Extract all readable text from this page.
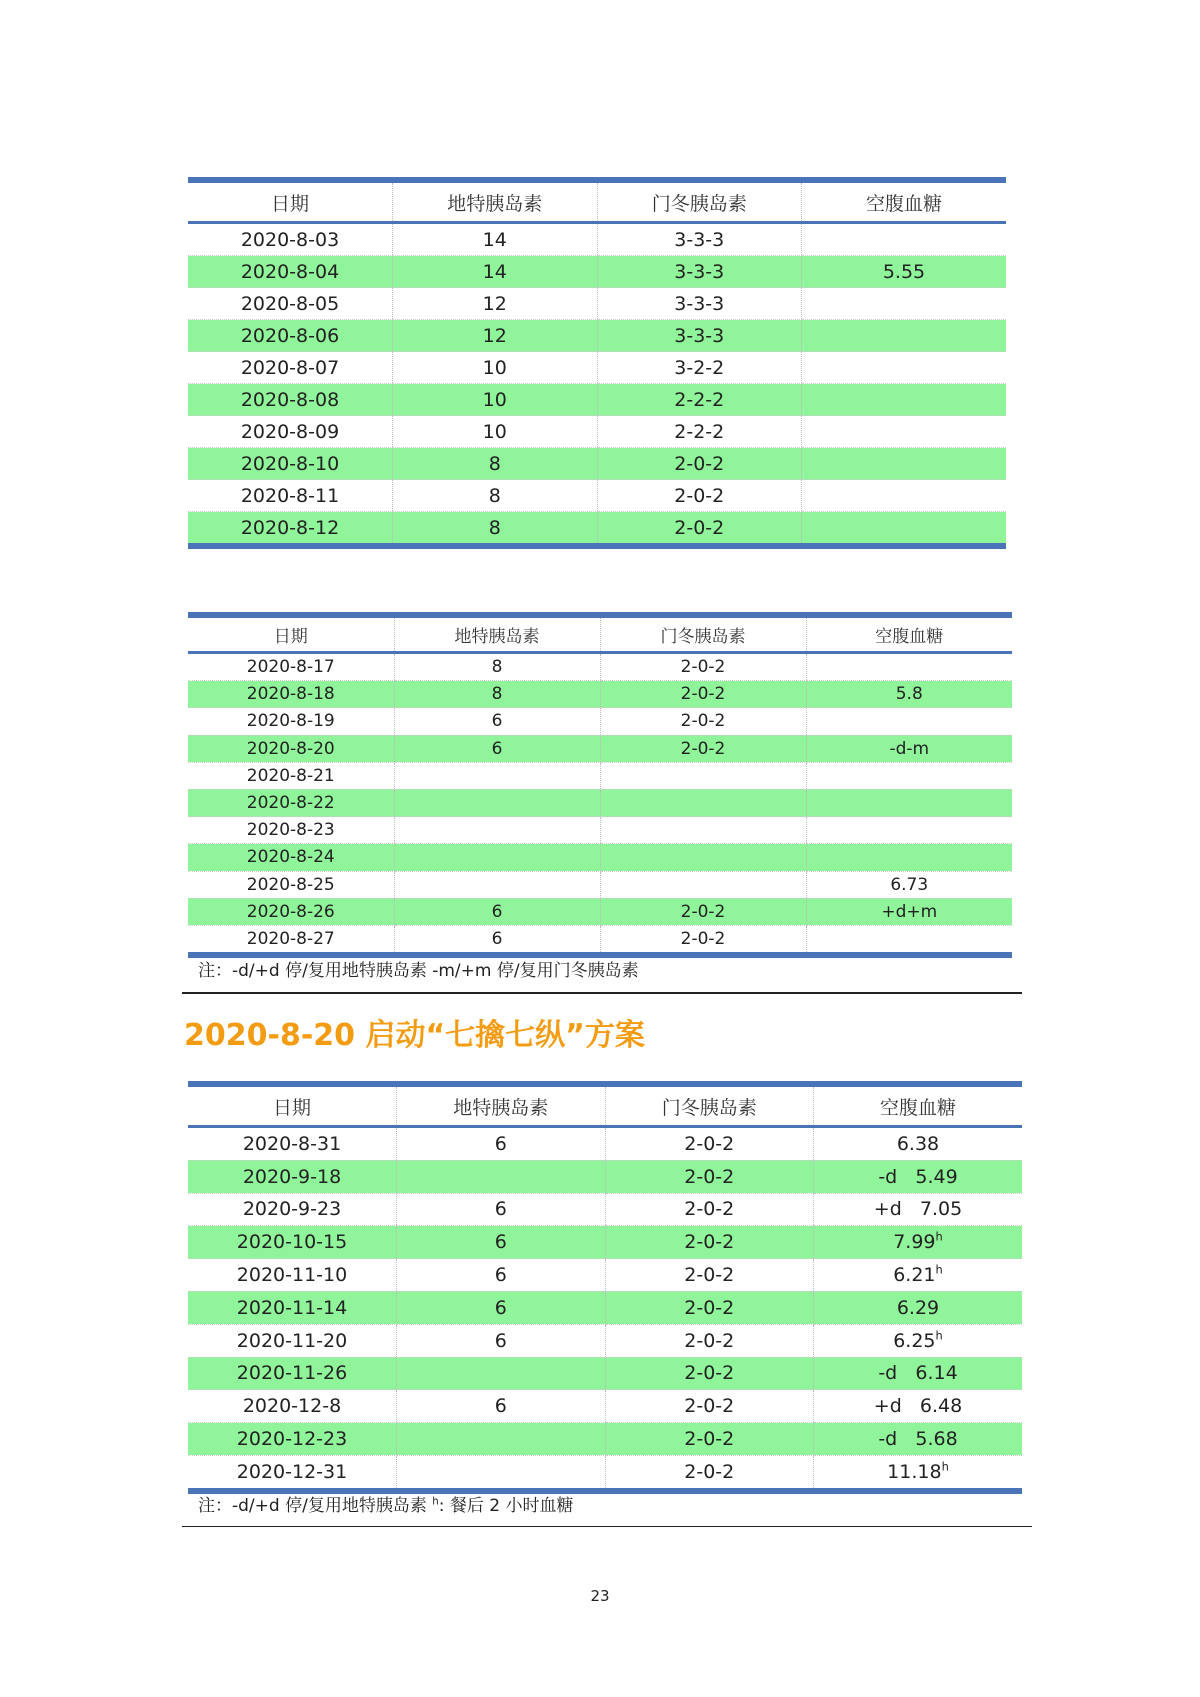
日期	地特胰岛素	门冬胰岛素	空腹血糖
2020-8-03	14	3-3-3	
2020-8-04	14	3-3-3	5.55
2020-8-05	12	3-3-3	
2020-8-06	12	3-3-3	
2020-8-07	10	3-2-2	
2020-8-08	10	2-2-2	
2020-8-09	10	2-2-2	
2020-8-10	8	2-0-2	
2020-8-11	8	2-0-2	
2020-8-12	8	2-0-2	
日期	地特胰岛素	门冬胰岛素	空腹血糖
2020-8-17	8	2-0-2	
2020-8-18	8	2-0-2	5.8
2020-8-19	6	2-0-2	
2020-8-20	6	2-0-2	-d-m
2020-8-21			
2020-8-22			
2020-8-23			
2020-8-24			
2020-8-25			6.73
2020-8-26	6	2-0-2	+d+m
2020-8-27	6	2-0-2	
注：-d/+d 停/复用地特胰岛素 -m/+m 停/复用门冬胰岛素
2020-8-20 启动“七擒七纵”方案
日期	地特胰岛素	门冬胰岛素	空腹血糖
2020-8-31	6	2-0-2	6.38
2020-9-18		2-0-2	-d   5.49
2020-9-23	6	2-0-2	+d   7.05
2020-10-15	6	2-0-2	7.99$^h$
2020-11-10	6	2-0-2	6.21$^h$
2020-11-14	6	2-0-2	6.29
2020-11-20	6	2-0-2	6.25$^h$
2020-11-26		2-0-2	-d   6.14
2020-12-8	6	2-0-2	+d   6.48
2020-12-23		2-0-2	-d   5.68
2020-12-31		2-0-2	11.18$^h$
注：-d/+d 停/复用地特胰岛素 $^h$: 餐后 2 小时血糖
23
